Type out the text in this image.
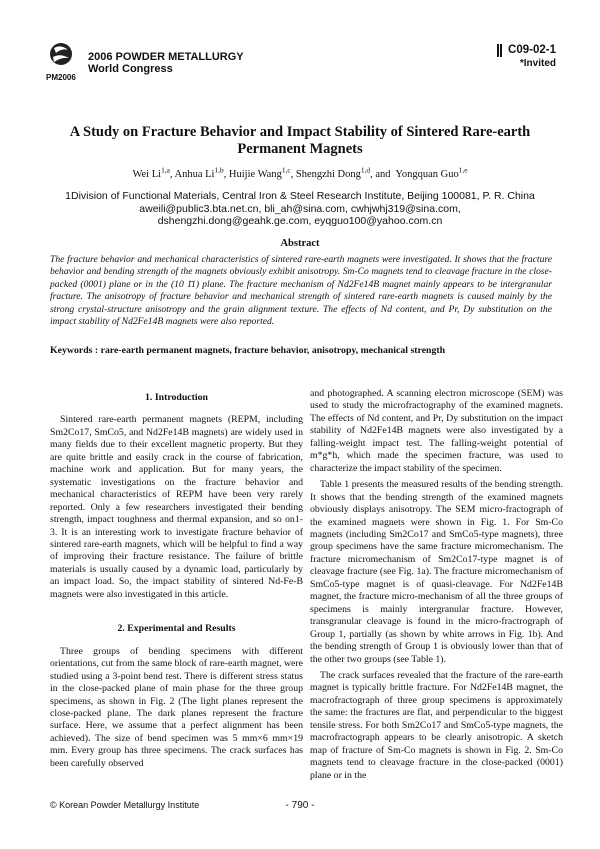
PM2006
2006 POWDER METALLURGY
World Congress
C09-02-1
*Invited
A Study on Fracture Behavior and Impact Stability of Sintered Rare-earth Permanent Magnets
Wei Li$^{1,a}$, Anhua Li$^{1,b}$, Huijie Wang$^{1,c}$, Shengzhi Dong$^{1,d}$, and  Yongquan Guo$^{1,e}$
1Division of Functional Materials, Central Iron & Steel Research Institute, Beijing 100081, P. R. China
aweili@public3.bta.net.cn, bli_ah@sina.com, cwhjwhj319@sina.com,
dshengzhi.dong@geahk.ge.com, eyqguo100@yahoo.com.cn
Abstract
The fracture behavior and mechanical characteristics of sintered rare-earth magnets were investigated. It shows that the fracture behavior and bending strength of the magnets obviously exhibit anisotropy. Sm-Co magnets tend to cleavage fracture in the close-packed (0001) plane or in the (10 1̄1) plane. The fracture mechanism of Nd2Fe14B magnet mainly appears to be intergranular fracture. The anisotropy of fracture behavior and mechanical strength of sintered rare-earth magnets is caused mainly by the strong crystal-structure anisotropy and the grain alignment texture. The effects of Nd content, and Pr, Dy substitution on the impact stability of Nd2Fe14B magnets were also reported.
Keywords : rare-earth permanent magnets, fracture behavior, anisotropy, mechanical strength
1. Introduction

Sintered rare-earth permanent magnets (REPM, including Sm2Co17, SmCo5, and Nd2Fe14B magnets) are widely used in many fields due to their excellent magnetic property. But they are quite brittle and easily crack in the course of fabrication, machine work and application. But for many years, the systematic investigations on the fracture behavior and mechanical characteristics of REPM have been very rarely reported. Only a few researchers investigated their bending strength, impact toughness and thermal expansion, and so on1-3. It is an interesting work to investigate fracture behavior of sintered rare-earth magnets, which will be helpful to find a way of improving their fracture resistance. The failure of brittle materials is usually caused by a dynamic load, particularly by an impact load. So, the impact stability of sintered Nd-Fe-B magnets were also investigated in this article.

2. Experimental and Results

Three groups of bending specimens with different orientations, cut from the same block of rare-earth magnet, were studied using a 3-point bend test. There is different stress status in the close-packed plane of main phase for the three group specimens, as shown in Fig. 2 (The light planes represent the close-packed plane. The dark planes represent the fracture surface. Here, we assume that a perfect alignment has been achieved). The size of bend specimen was 5 mm×6 mm×19 mm. Every group has three specimens. The crack surfaces has been carefully observed

and photographed. A scanning electron microscope (SEM) was used to study the microfractography of the examined magnets. The effects of Nd content, and Pr, Dy substitution on the impact stability of Nd2Fe14B magnets were also investigated by a falling-weight impact test. The falling-weight potential of m*g*h, which made the specimen fracture, was used to characterize the impact stability of the specimen.

Table 1 presents the measured results of the bending strength. It shows that the bending strength of the examined magnets obviously displays anisotropy. The SEM micro-fractograph of the examined magnets were shown in Fig. 1. For Sm-Co magnets (including Sm2Co17 and SmCo5-type magnets), three group specimens have the same fracture micromechanism. The fracture micromechanism of Sm2Co17-type magnet is of cleavage fracture (see Fig. 1a). The fracture micromechanism of SmCo5-type magnet is of quasi-cleavage. For Nd2Fe14B magnet, the fracture micro-mechanism of all the three groups of specimens is mainly intergranular fracture. However, transgranular cleavage is found in the micro-fractrograph of Group 1, partially (as shown by white arrows in Fig. 1b). And the bending strength of Group 1 is obviously lower than that of the other two groups (see Table 1).

The crack surfaces revealed that the fracture of the rare-earth magnet is typically brittle fracture. For Nd2Fe14B magnet, the macrofractograph of three group specimens is approximately the same: the fractures are flat, and perpendicular to the biggest tensile stress. For both Sm2Co17 and SmCo5-type magnets, the macrofractograph appears to be clearly anisotropic. A sketch map of fracture of Sm-Co magnets is shown in Fig. 2. Sm-Co magnets tend to cleavage fracture in the close-packed (0001) plane or in the

© Korean Powder Metallurgy Institute	- 790 -
